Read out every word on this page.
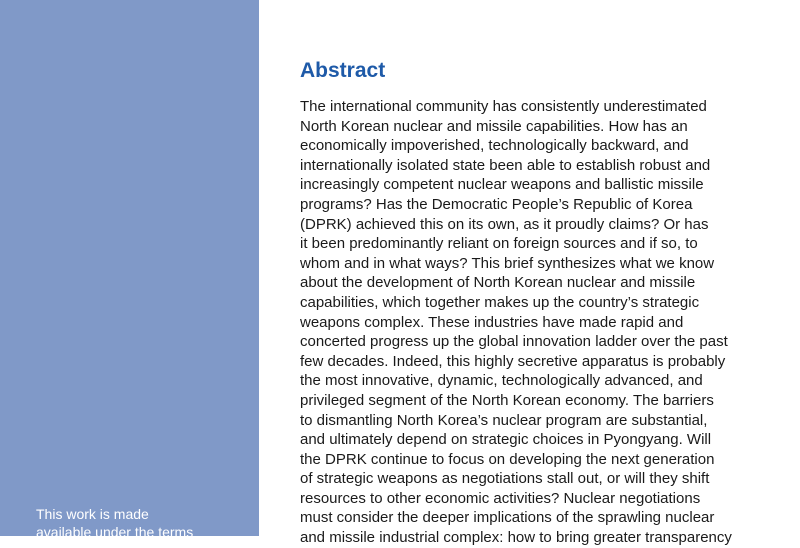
This work is made
available under the terms
Abstract
The international community has consistently underestimated
North Korean nuclear and missile capabilities. How has an
economically impoverished, technologically backward, and
internationally isolated state been able to establish robust and
increasingly competent nuclear weapons and ballistic missile
programs? Has the Democratic People’s Republic of Korea
(DPRK) achieved this on its own, as it proudly claims? Or has
it been predominantly reliant on foreign sources and if so, to
whom and in what ways? This brief synthesizes what we know
about the development of North Korean nuclear and missile
capabilities, which together makes up the country’s strategic
weapons complex. These industries have made rapid and
concerted progress up the global innovation ladder over the past
few decades. Indeed, this highly secretive apparatus is probably
the most innovative, dynamic, technologically advanced, and
privileged segment of the North Korean economy. The barriers
to dismantling North Korea’s nuclear program are substantial,
and ultimately depend on strategic choices in Pyongyang. Will
the DPRK continue to focus on developing the next generation
of strategic weapons as negotiations stall out, or will they shift
resources to other economic activities? Nuclear negotiations
must consider the deeper implications of the sprawling nuclear
and missile industrial complex: how to bring greater transparency
